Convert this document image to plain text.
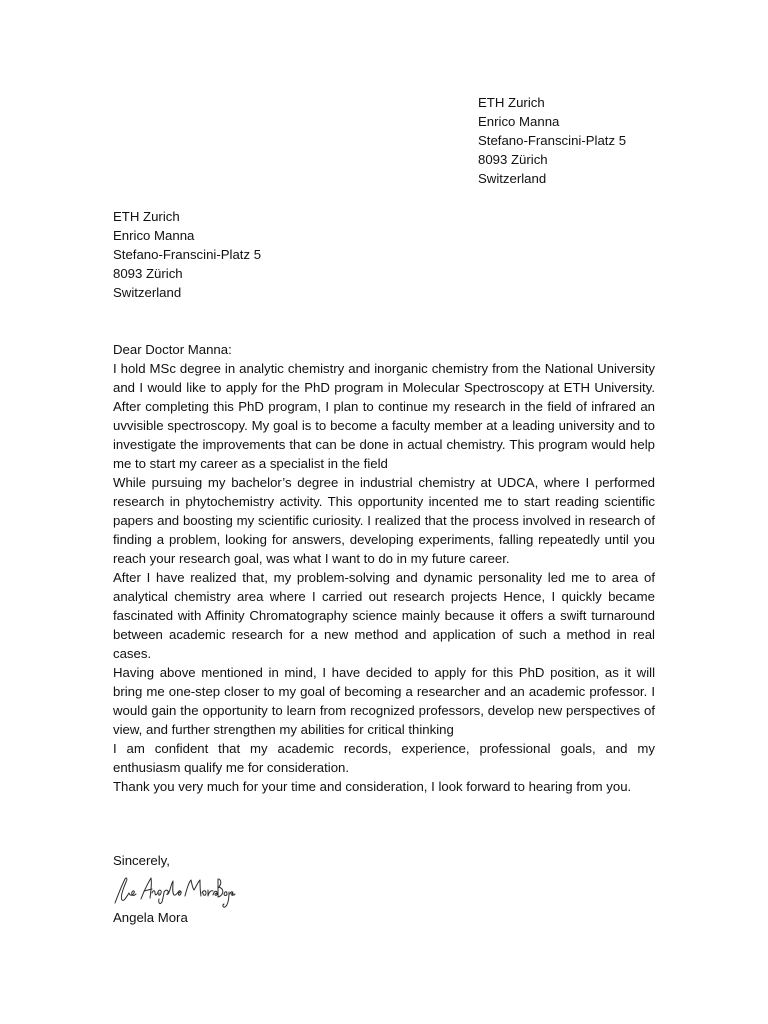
ETH Zurich
Enrico Manna
Stefano-Franscini-Platz 5
8093 Zürich
Switzerland
ETH Zurich
Enrico Manna
Stefano-Franscini-Platz 5
8093 Zürich
Switzerland

Dear Doctor Manna:

I hold MSc degree in analytic chemistry and inorganic chemistry from the National University and I would like to apply for the PhD program in Molecular Spectroscopy at ETH University. After completing this PhD program, I plan to continue my research in the field of infrared an uvvisible spectroscopy. My goal is to become a faculty member at a leading university and to investigate the improvements that can be done in actual chemistry. This program would help me to start my career as a specialist in the field

While pursuing my bachelor’s degree in industrial chemistry at UDCA, where I performed research in phytochemistry activity. This opportunity incented me to start reading scientific papers and boosting my scientific curiosity. I realized that the process involved in research of finding a problem, looking for answers, developing experiments, falling repeatedly until you reach your research goal, was what I want to do in my future career.

After I have realized that, my problem-solving and dynamic personality led me to area of analytical chemistry area where I carried out research projects Hence, I quickly became fascinated with Affinity Chromatography science mainly because it offers a swift turnaround between academic research for a new method and application of such a method in real cases.

Having above mentioned in mind, I have decided to apply for this PhD position, as it will bring me one-step closer to my goal of becoming a researcher and an academic professor. I would gain the opportunity to learn from recognized professors, develop new perspectives of view, and further strengthen my abilities for critical thinking

I am confident that my academic records, experience, professional goals, and my enthusiasm qualify me for consideration.

Thank you very much for your time and consideration, I look forward to hearing from you.

Sincerely,
Angela Mora
